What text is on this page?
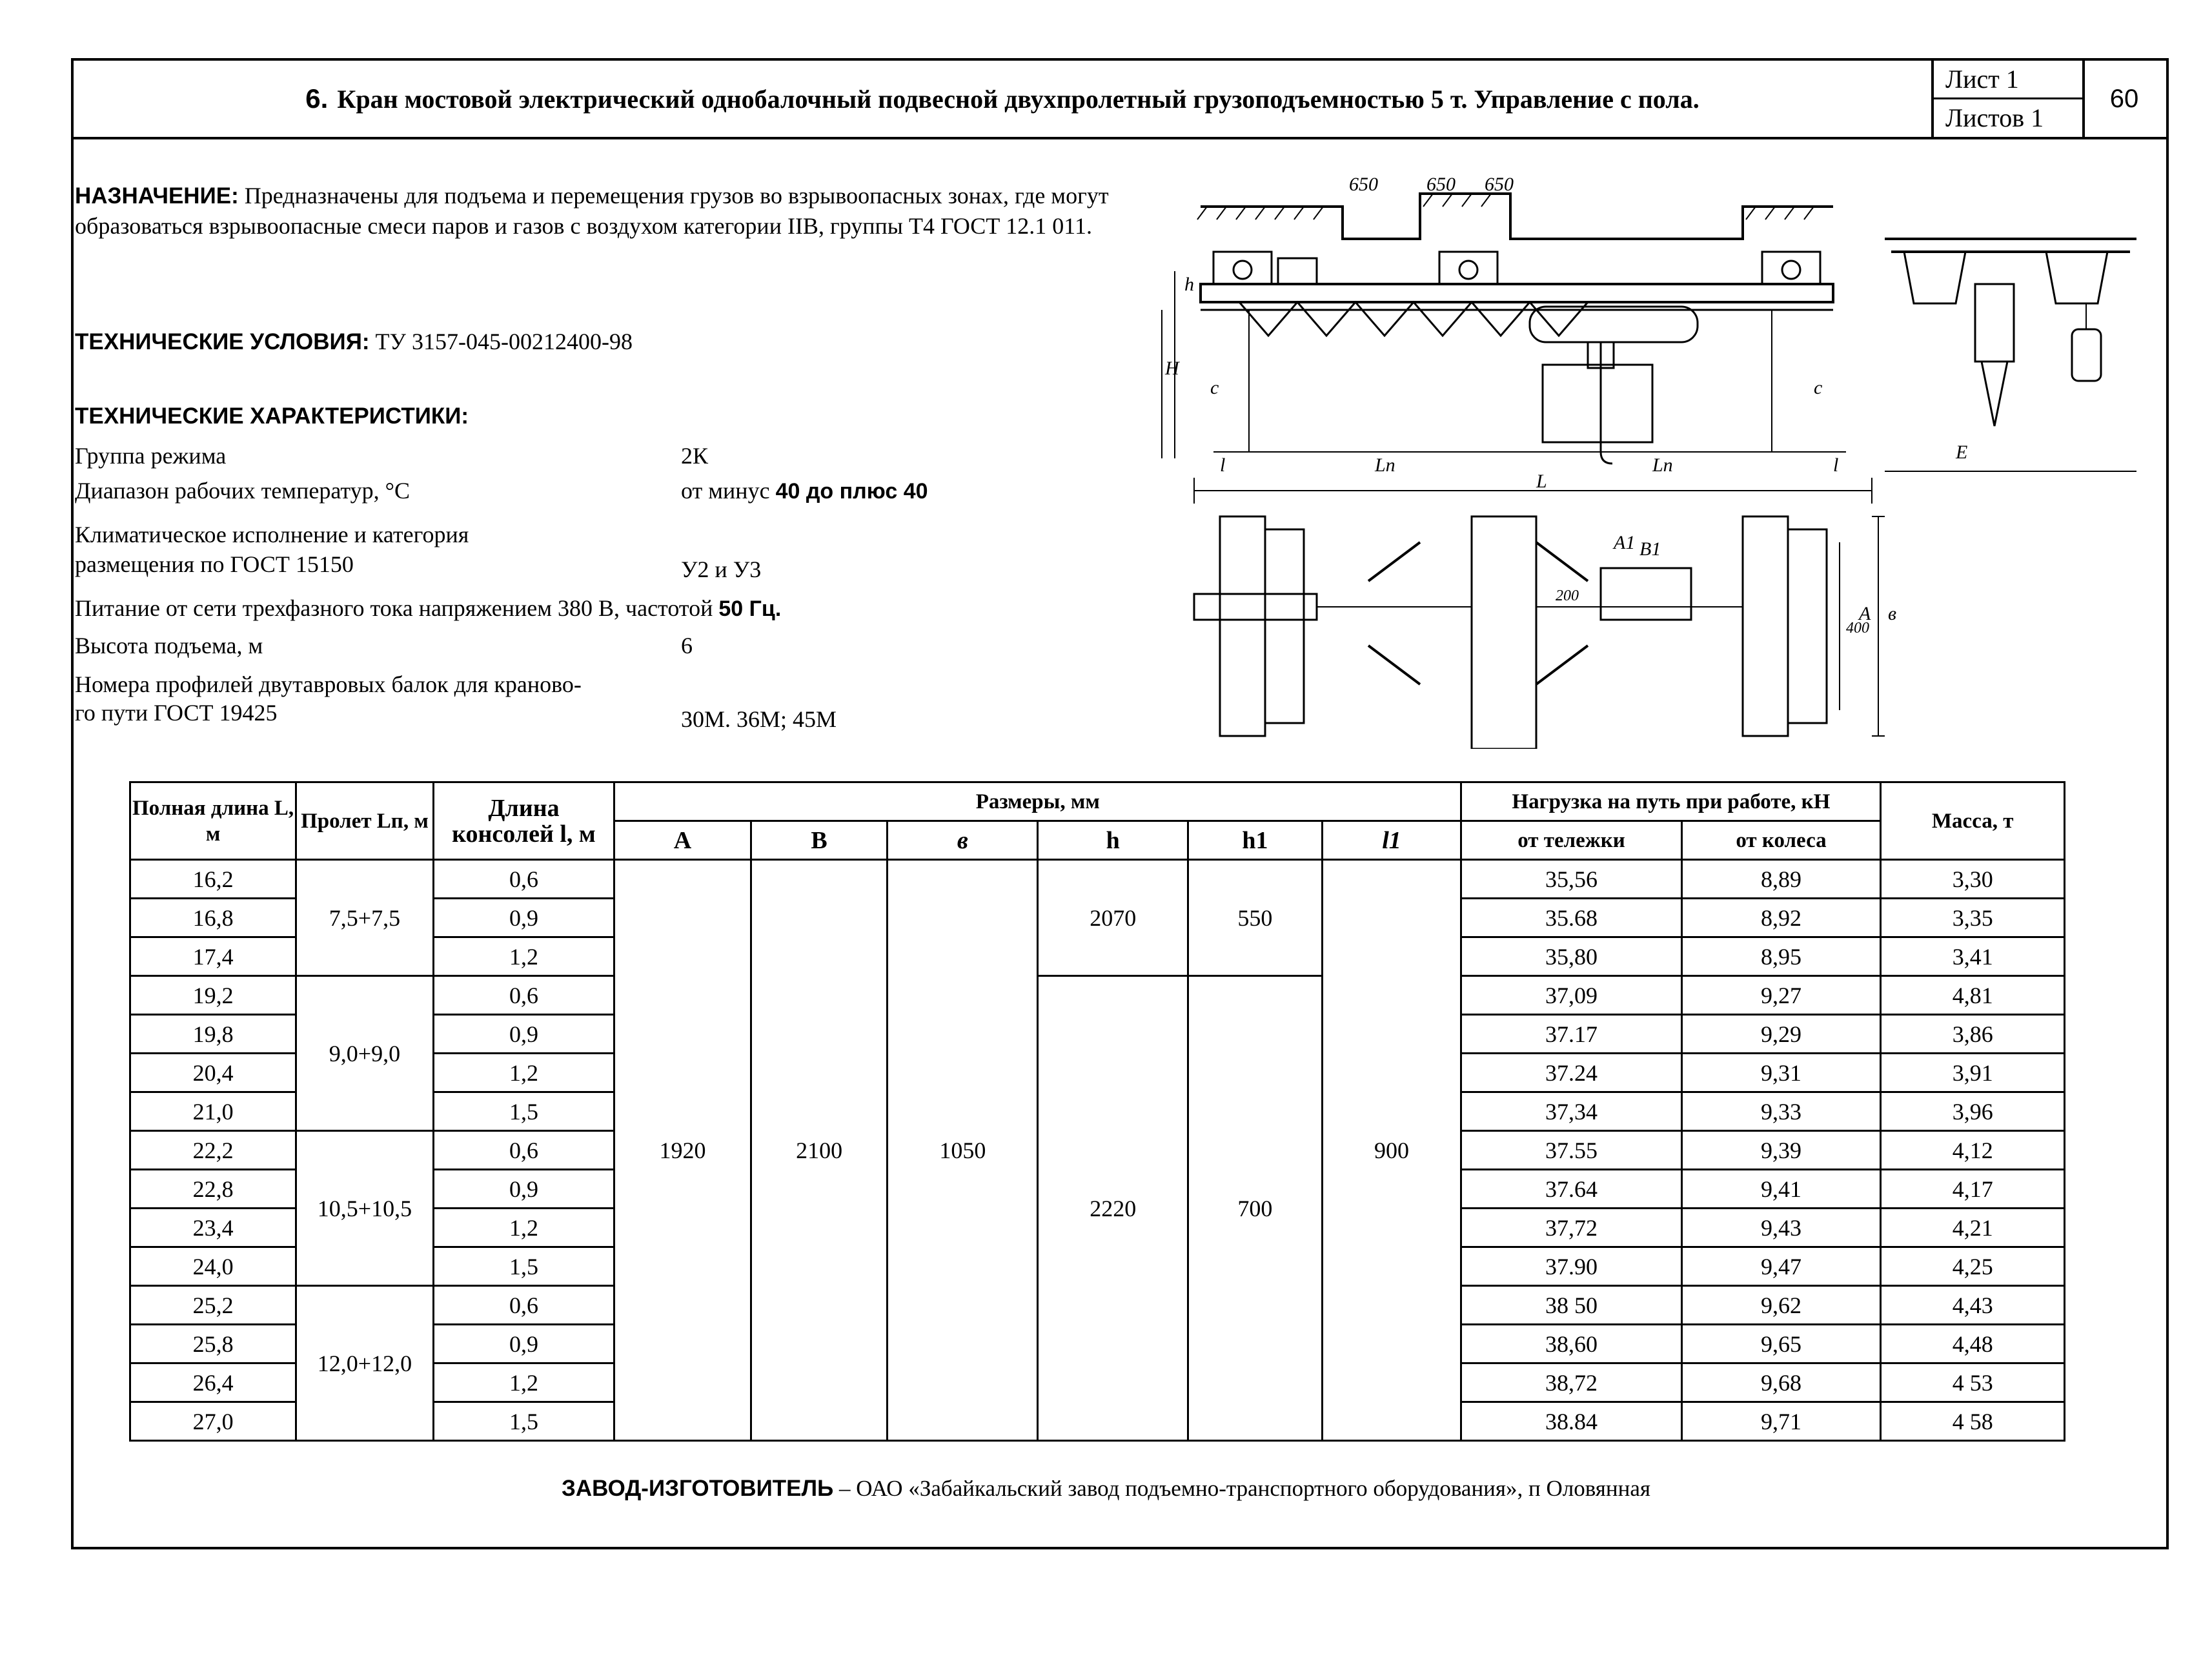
6. Кран мостовой электрический однобалочный подвесной двухпролетный грузоподъемностью 5 т. Управление с пола.
Лист 1
Листов 1
60
НАЗНАЧЕНИЕ: Предназначены для подъема и перемещения грузов во взрывоопасных зонах, где могут образоваться взрывоопасные смеси паров и газов с воздухом категории IIВ, группы Т4 ГОСТ 12.1 011.
ТЕХНИЧЕСКИЕ УСЛОВИЯ: ТУ 3157-045-00212400-98
ТЕХНИЧЕСКИЕ ХАРАКТЕРИСТИКИ:
Группа режима	2К
Диапазон рабочих температур, °С	от минус 40 до плюс 40
Климатическое исполнение и категория
размещения по ГОСТ 15150	У2 и У3
Питание от сети трехфазного тока напряжением 380 В, частотой 50 Гц.
Высота подъема, м	6
Номера профилей двутавровых балок для краново-
го пути ГОСТ 19425	30М. 36М; 45М
650	650 650
h
H
c	c
l	Ln	Ln	l
L
E
A1 B1
200
400
A в
Полная длина L, м	Пролет Lп, м	Длина консолей l, м	Размеры, мм						Нагрузка на путь при работе, кН		Масса, т
			А	В	в	h	h1	l1	от тележки	от колеса	
16,2	7,5+7,5	0,6	1920	2100	1050	2070	550	900	35,56	8,89	3,30
16,8		0,9							35.68	8,92	3,35
17,4		1,2							35,80	8,95	3,41
19,2	9,0+9,0	0,6				2220	700		37,09	9,27	4,81
19,8		0,9							37.17	9,29	3,86
20,4		1,2							37.24	9,31	3,91
21,0		1,5							37,34	9,33	3,96
22,2	10,5+10,5	0,6							37.55	9,39	4,12
22,8		0,9							37.64	9,41	4,17
23,4		1,2							37,72	9,43	4,21
24,0		1,5							37.90	9,47	4,25
25,2	12,0+12,0	0,6							38 50	9,62	4,43
25,8		0,9							38,60	9,65	4,48
26,4		1,2							38,72	9,68	4 53
27,0		1,5							38.84	9,71	4 58
ЗАВОД-ИЗГОТОВИТЕЛЬ – ОАО «Забайкальский завод подъемно-транспортного оборудования», п Оловянная
